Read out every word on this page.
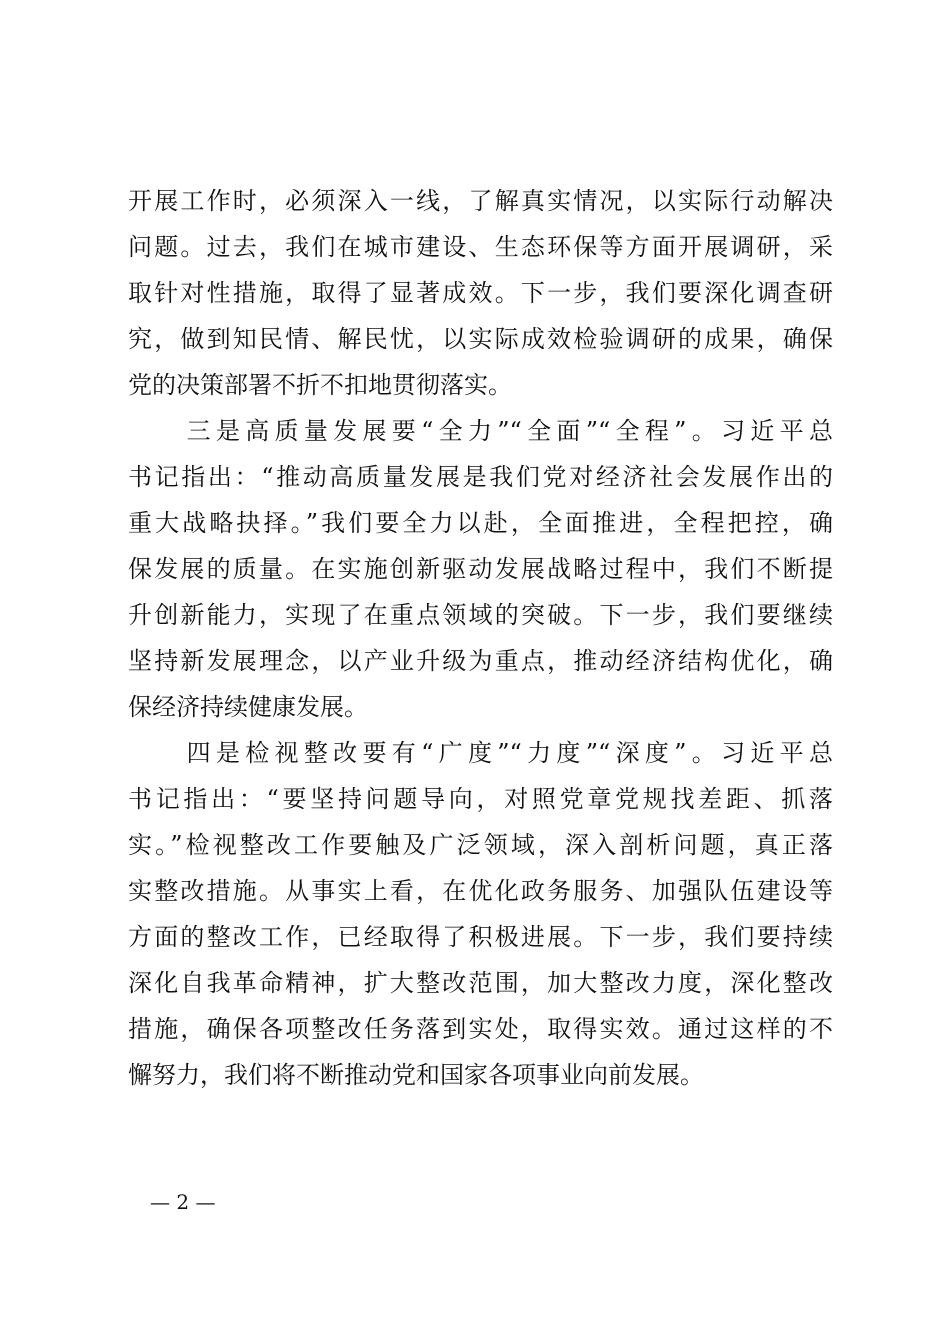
开展工作时，必须深入一线，了解真实情况，以实际行动解决
问题。过去，我们在城市建设、生态环保等方面开展调研，采
取针对性措施，取得了显著成效。下一步，我们要深化调查研
究，做到知民情、解民忧，以实际成效检验调研的成果，确保
党的决策部署不折不扣地贯彻落实。
　　三是高质量发展要“全力”“全面”“全程”。习近平总
书记指出：“推动高质量发展是我们党对经济社会发展作出的
重大战略抉择。”我们要全力以赴，全面推进，全程把控，确
保发展的质量。在实施创新驱动发展战略过程中，我们不断提
升创新能力，实现了在重点领域的突破。下一步，我们要继续
坚持新发展理念，以产业升级为重点，推动经济结构优化，确
保经济持续健康发展。
　　四是检视整改要有“广度”“力度”“深度”。习近平总
书记指出：“要坚持问题导向，对照党章党规找差距、抓落
实。”检视整改工作要触及广泛领域，深入剖析问题，真正落
实整改措施。从事实上看，在优化政务服务、加强队伍建设等
方面的整改工作，已经取得了积极进展。下一步，我们要持续
深化自我革命精神，扩大整改范围，加大整改力度，深化整改
措施，确保各项整改任务落到实处，取得实效。通过这样的不
懈努力，我们将不断推动党和国家各项事业向前发展。
— 2 —
